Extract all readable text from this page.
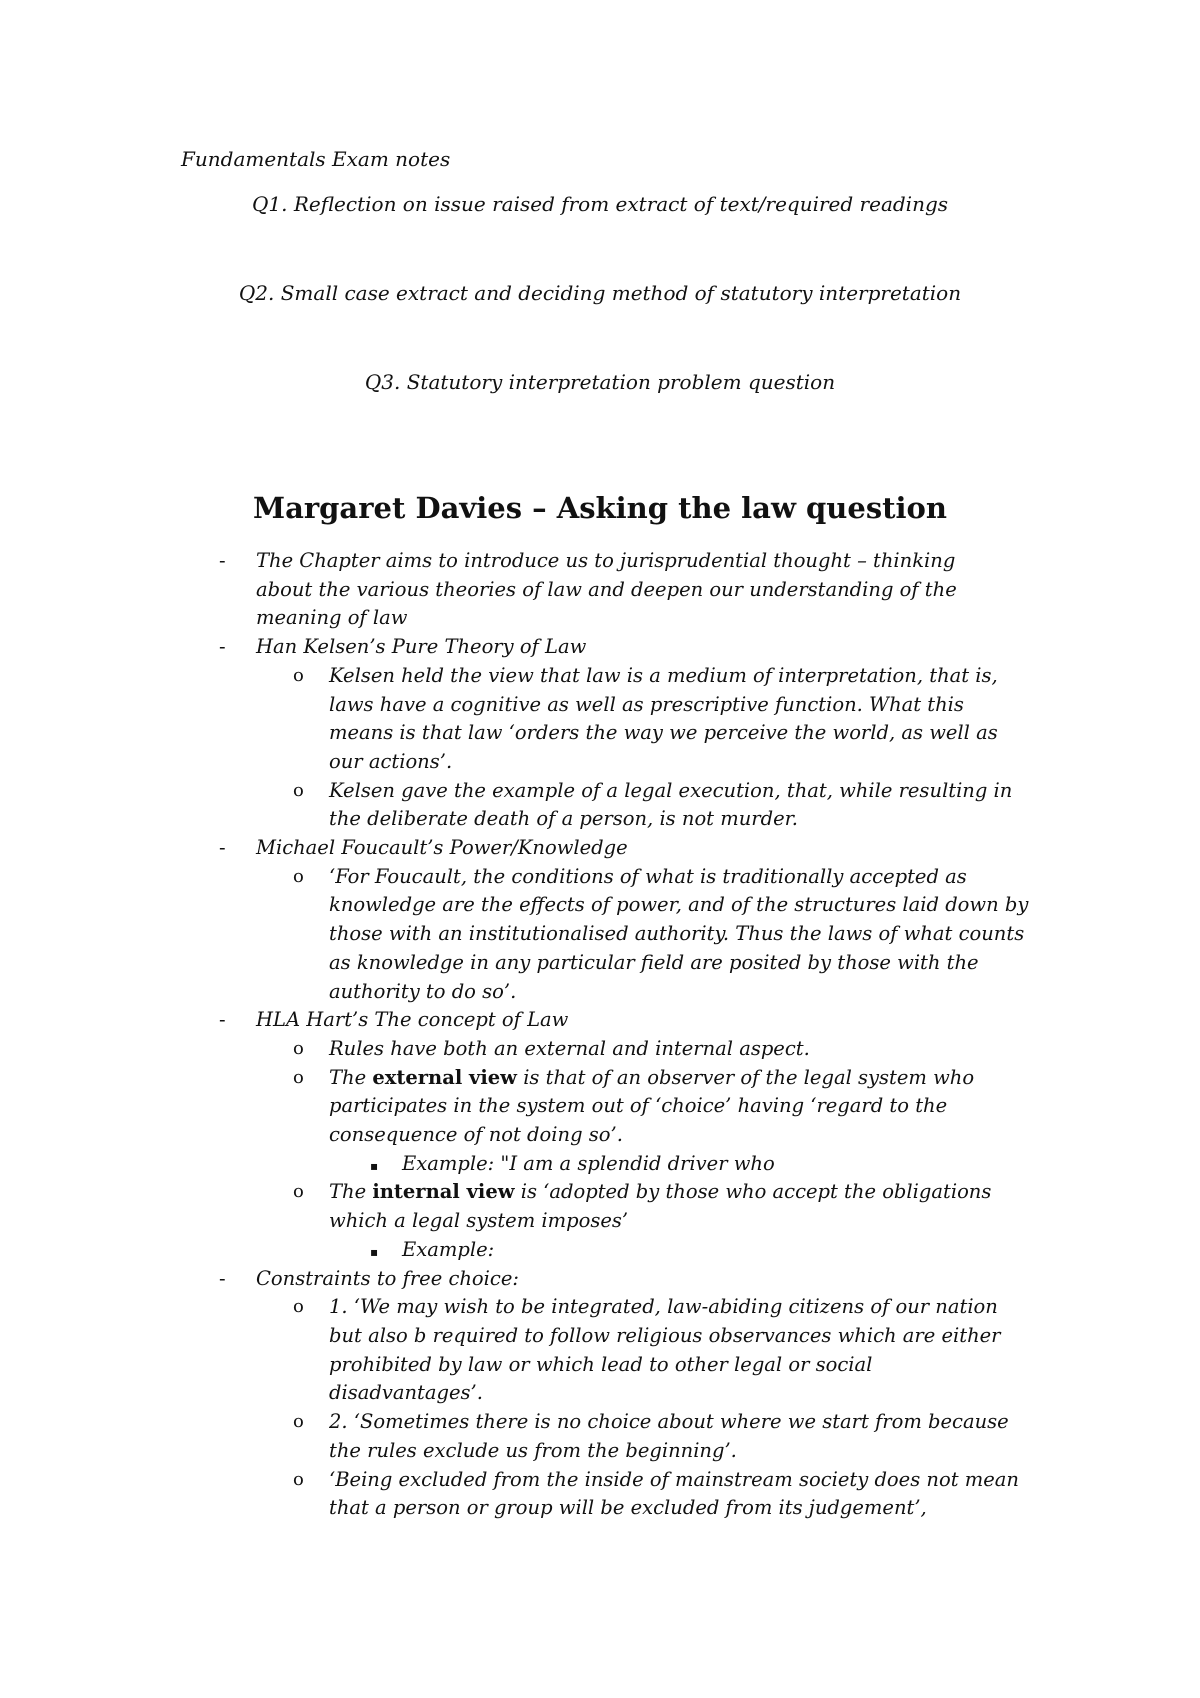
Fundamentals Exam notes
Q1. Reflection on issue raised from extract of text/required readings
Q2. Small case extract and deciding method of statutory interpretation
Q3. Statutory interpretation problem question
Margaret Davies – Asking the law question
- The Chapter aims to introduce us to jurisprudential thought – thinking about the various theories of law and deepen our understanding of the meaning of law
- Han Kelsen’s Pure Theory of Law
o Kelsen held the view that law is a medium of interpretation, that is, laws have a cognitive as well as prescriptive function. What this means is that law ‘orders the way we perceive the world, as well as our actions’.
o Kelsen gave the example of a legal execution, that, while resulting in the deliberate death of a person, is not murder.
- Michael Foucault’s Power/Knowledge
o ‘For Foucault, the conditions of what is traditionally accepted as knowledge are the effects of power, and of the structures laid down by those with an institutionalised authority. Thus the laws of what counts as knowledge in any particular field are posited by those with the authority to do so’.
- HLA Hart’s The concept of Law
o Rules have both an external and internal aspect.
o The external view is that of an observer of the legal system who participates in the system out of ‘choice’ having ‘regard to the consequence of not doing so’.
▪ Example: "I am a splendid driver who
o The internal view is ‘adopted by those who accept the obligations which a legal system imposes’
▪ Example:
- Constraints to free choice:
o 1. ‘We may wish to be integrated, law-abiding citizens of our nation but also b required to follow religious observances which are either prohibited by law or which lead to other legal or social disadvantages’.
o 2. ‘Sometimes there is no choice about where we start from because the rules exclude us from the beginning’.
o ‘Being excluded from the inside of mainstream society does not mean that a person or group will be excluded from its judgement’,
